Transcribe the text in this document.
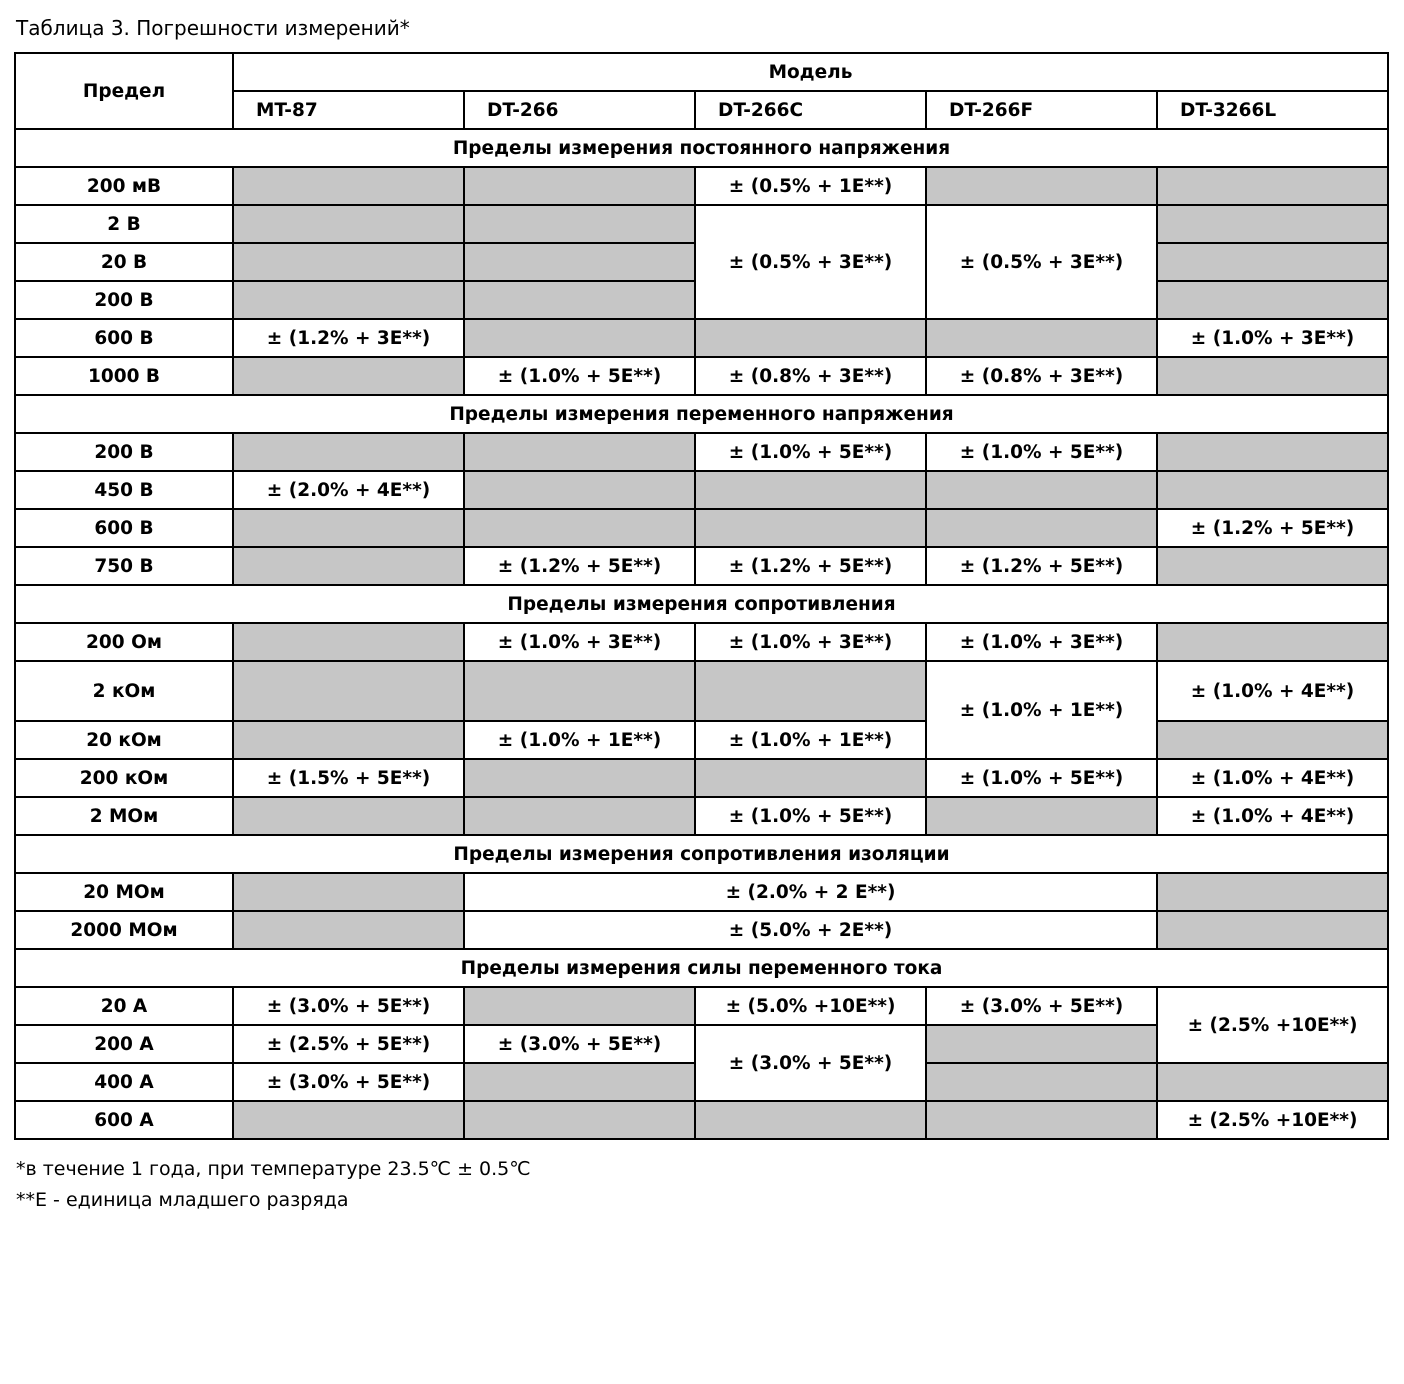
Таблица 3. Погрешности измерений*
Предел	Модель				
	MT-87	DT-266	DT-266C	DT-266F	DT-3266L
Пределы измерения постоянного напряжения					
200 мВ			± (0.5% + 1E**)		
2 В			± (0.5% + 3E**)	± (0.5% + 3E**)	
20 В					
200 В					
600 В	± (1.2% + 3E**)				± (1.0% + 3E**)
1000 В		± (1.0% + 5E**)	± (0.8% + 3E**)	± (0.8% + 3E**)	
Пределы измерения переменного напряжения					
200 В			± (1.0% + 5E**)	± (1.0% + 5E**)	
450 В	± (2.0% + 4E**)				
600 В					± (1.2% + 5E**)
750 В		± (1.2% + 5E**)	± (1.2% + 5E**)	± (1.2% + 5E**)	
Пределы измерения сопротивления					
200 Ом		± (1.0% + 3E**)	± (1.0% + 3E**)	± (1.0% + 3E**)	
2 кОм				± (1.0% + 1E**)	± (1.0% + 4E**)
20 кОм		± (1.0% + 1E**)	± (1.0% + 1E**)		
200 кОм	± (1.5% + 5E**)			± (1.0% + 5E**)	± (1.0% + 4E**)
2 МОм			± (1.0% + 5E**)		± (1.0% + 4E**)
Пределы измерения сопротивления изоляции					
20 МОм		± (2.0% + 2 E**)			
2000 МОм		± (5.0% + 2E**)			
Пределы измерения силы переменного тока					
20 А	± (3.0% + 5E**)		± (5.0% +10E**)	± (3.0% + 5E**)	± (2.5% +10E**)
200 А	± (2.5% + 5E**)	± (3.0% + 5E**)	± (3.0% + 5E**)		
400 А	± (3.0% + 5E**)				
600 А					± (2.5% +10E**)
*в течение 1 года, при температуре 23.5℃ ± 0.5℃
**Е - единица младшего разряда
